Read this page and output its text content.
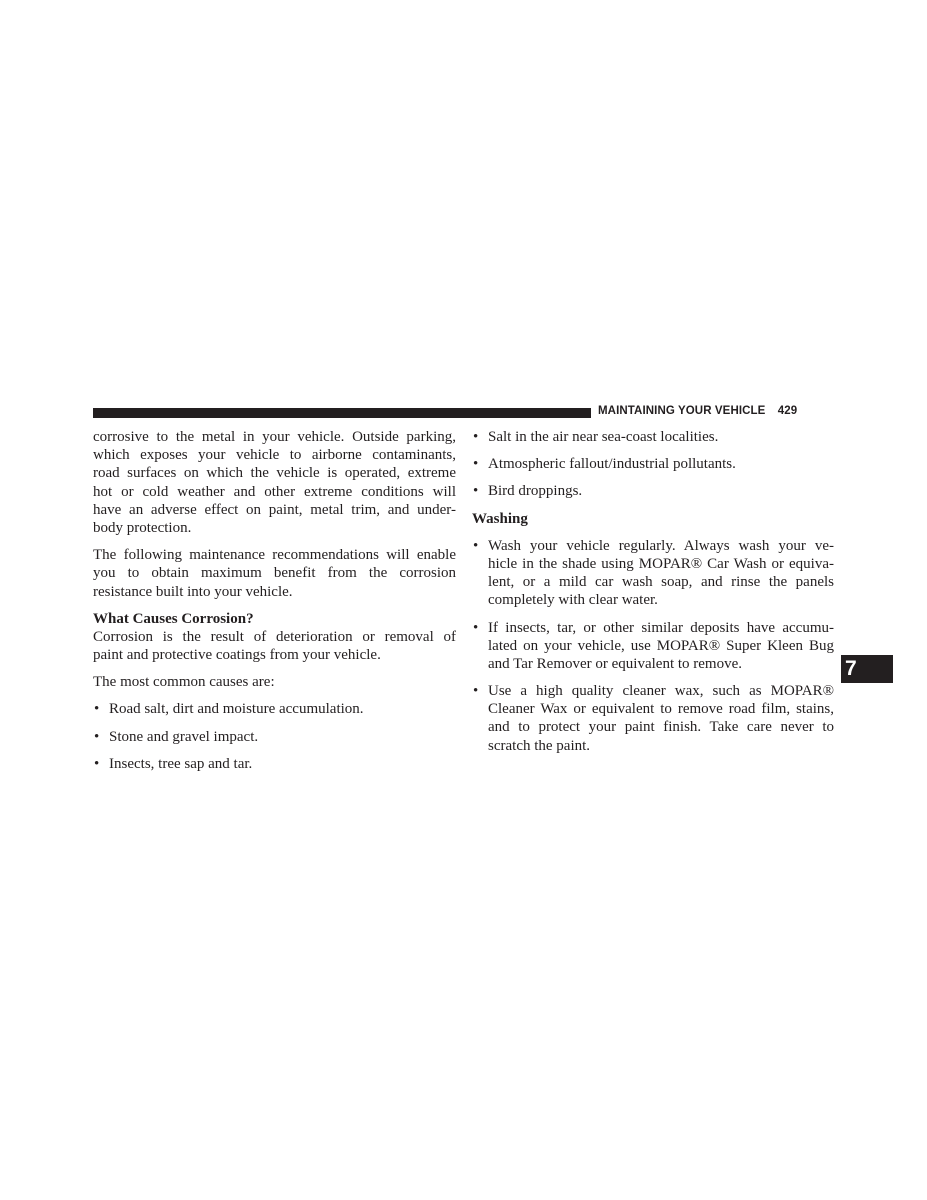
MAINTAINING YOUR VEHICLE 429
corrosive to the metal in your vehicle. Outside parking,
which exposes your vehicle to airborne contaminants,
road surfaces on which the vehicle is operated, extreme
hot or cold weather and other extreme conditions will
have an adverse effect on paint, metal trim, and under-
body protection.
The following maintenance recommendations will enable
you to obtain maximum benefit from the corrosion
resistance built into your vehicle.
What Causes Corrosion?
Corrosion is the result of deterioration or removal of
paint and protective coatings from your vehicle.
The most common causes are:
• Road salt, dirt and moisture accumulation.
• Stone and gravel impact.
• Insects, tree sap and tar.
• Salt in the air near sea-coast localities.
• Atmospheric fallout/industrial pollutants.
• Bird droppings.
Washing
• Wash your vehicle regularly. Always wash your ve-
hicle in the shade using MOPAR® Car Wash or equiva-
lent, or a mild car wash soap, and rinse the panels
completely with clear water.
• If insects, tar, or other similar deposits have accumu-
lated on your vehicle, use MOPAR® Super Kleen Bug
and Tar Remover or equivalent to remove.
• Use a high quality cleaner wax, such as MOPAR®
Cleaner Wax or equivalent to remove road film, stains,
and to protect your paint finish. Take care never to
scratch the paint.
7
